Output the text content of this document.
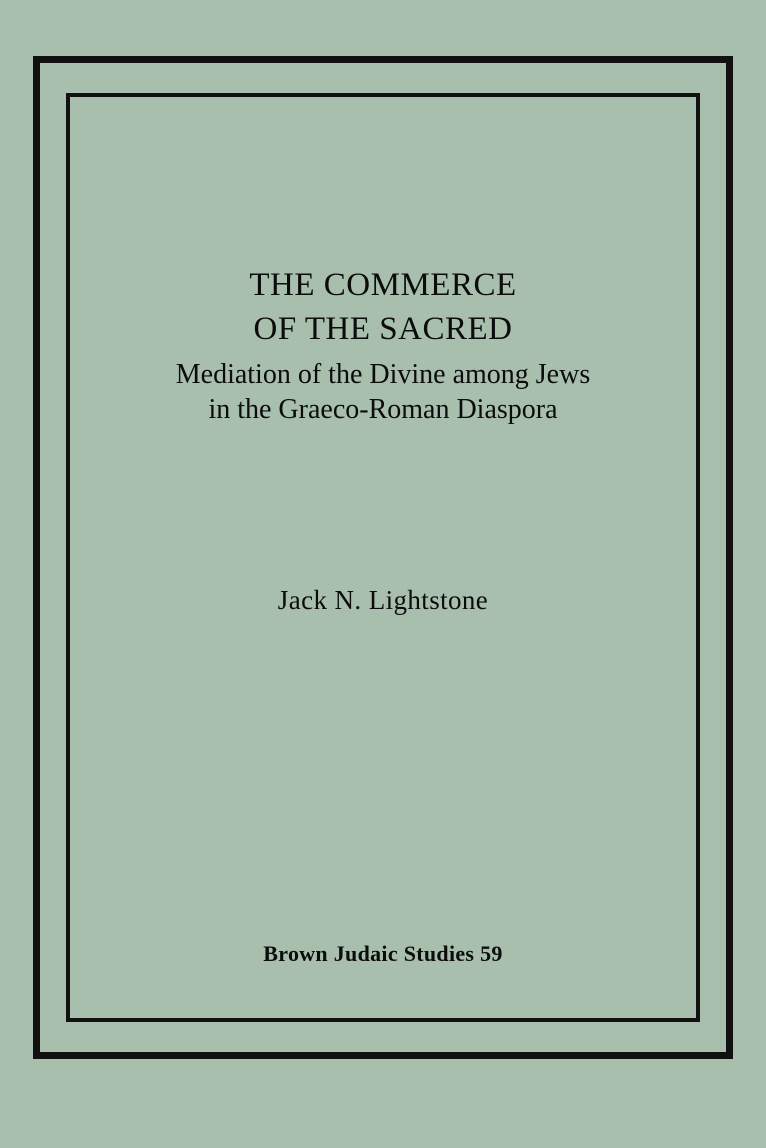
THE COMMERCE
OF THE SACRED
Mediation of the Divine among Jews
in the Graeco-Roman Diaspora
Jack N. Lightstone
Brown Judaic Studies 59
